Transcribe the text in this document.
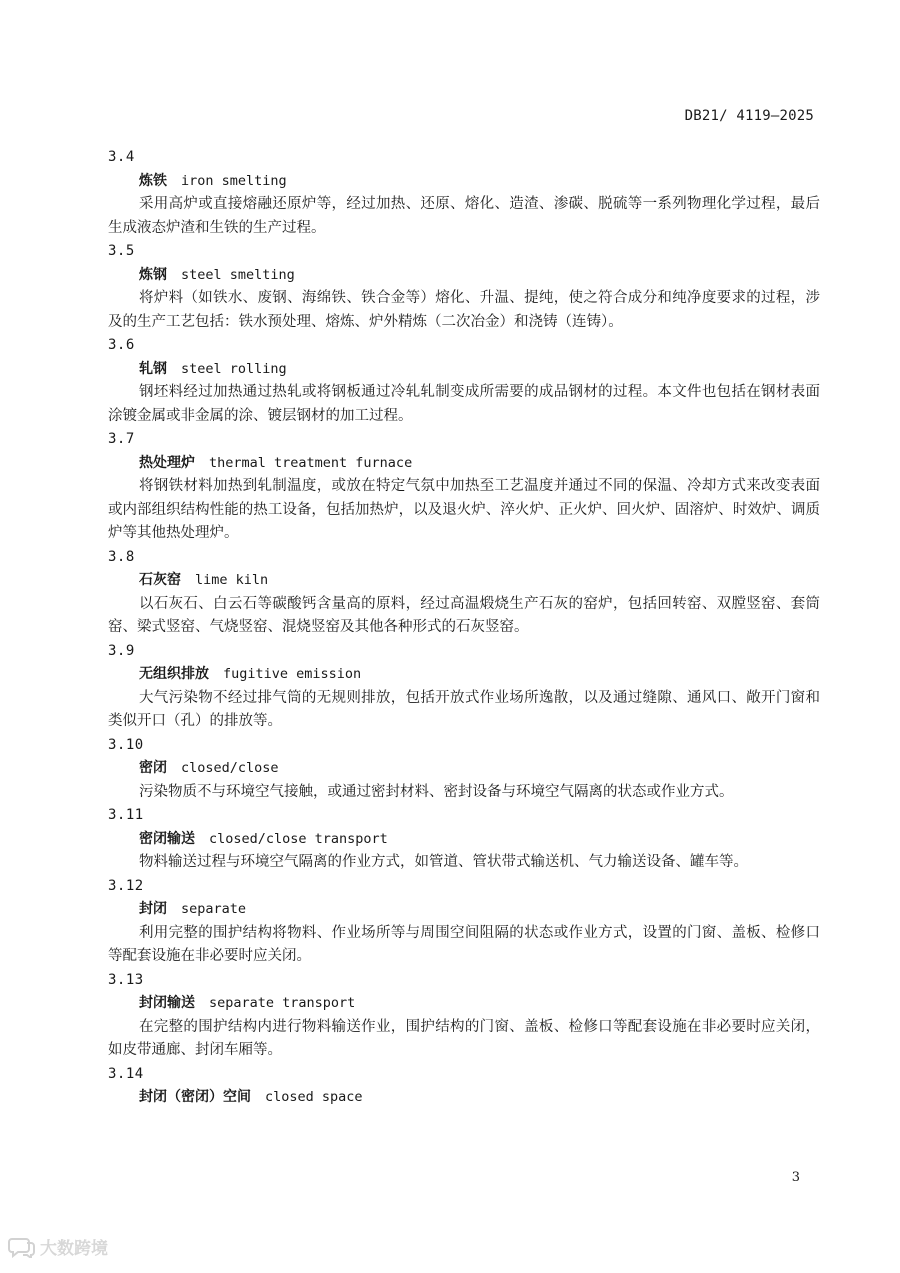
DB21/ 4119—2025
3.4
炼铁 iron smelting

采用高炉或直接熔融还原炉等，经过加热、还原、熔化、造渣、渗碳、脱硫等一系列物理化学过程，最后生成液态炉渣和生铁的生产过程。

3.5
炼钢 steel smelting

将炉料（如铁水、废钢、海绵铁、铁合金等）熔化、升温、提纯，使之符合成分和纯净度要求的过程，涉及的生产工艺包括：铁水预处理、熔炼、炉外精炼（二次冶金）和浇铸（连铸）。

3.6
轧钢 steel rolling

钢坯料经过加热通过热轧或将钢板通过冷轧轧制变成所需要的成品钢材的过程。本文件也包括在钢材表面涂镀金属或非金属的涂、镀层钢材的加工过程。

3.7
热处理炉 thermal treatment furnace

将钢铁材料加热到轧制温度，或放在特定气氛中加热至工艺温度并通过不同的保温、冷却方式来改变表面或内部组织结构性能的热工设备，包括加热炉，以及退火炉、淬火炉、正火炉、回火炉、固溶炉、时效炉、调质炉等其他热处理炉。

3.8
石灰窑 lime kiln

以石灰石、白云石等碳酸钙含量高的原料，经过高温煅烧生产石灰的窑炉，包括回转窑、双膛竖窑、套筒窑、梁式竖窑、气烧竖窑、混烧竖窑及其他各种形式的石灰竖窑。

3.9
无组织排放 fugitive emission

大气污染物不经过排气筒的无规则排放，包括开放式作业场所逸散，以及通过缝隙、通风口、敞开门窗和类似开口（孔）的排放等。

3.10
密闭 closed/close

污染物质不与环境空气接触，或通过密封材料、密封设备与环境空气隔离的状态或作业方式。

3.11
密闭输送 closed/close transport

物料输送过程与环境空气隔离的作业方式，如管道、管状带式输送机、气力输送设备、罐车等。

3.12
封闭 separate

利用完整的围护结构将物料、作业场所等与周围空间阻隔的状态或作业方式，设置的门窗、盖板、检修口等配套设施在非必要时应关闭。

3.13
封闭输送 separate transport

在完整的围护结构内进行物料输送作业，围护结构的门窗、盖板、检修口等配套设施在非必要时应关闭，如皮带通廊、封闭车厢等。

3.14
封闭（密闭）空间 closed space
3
大数跨境
